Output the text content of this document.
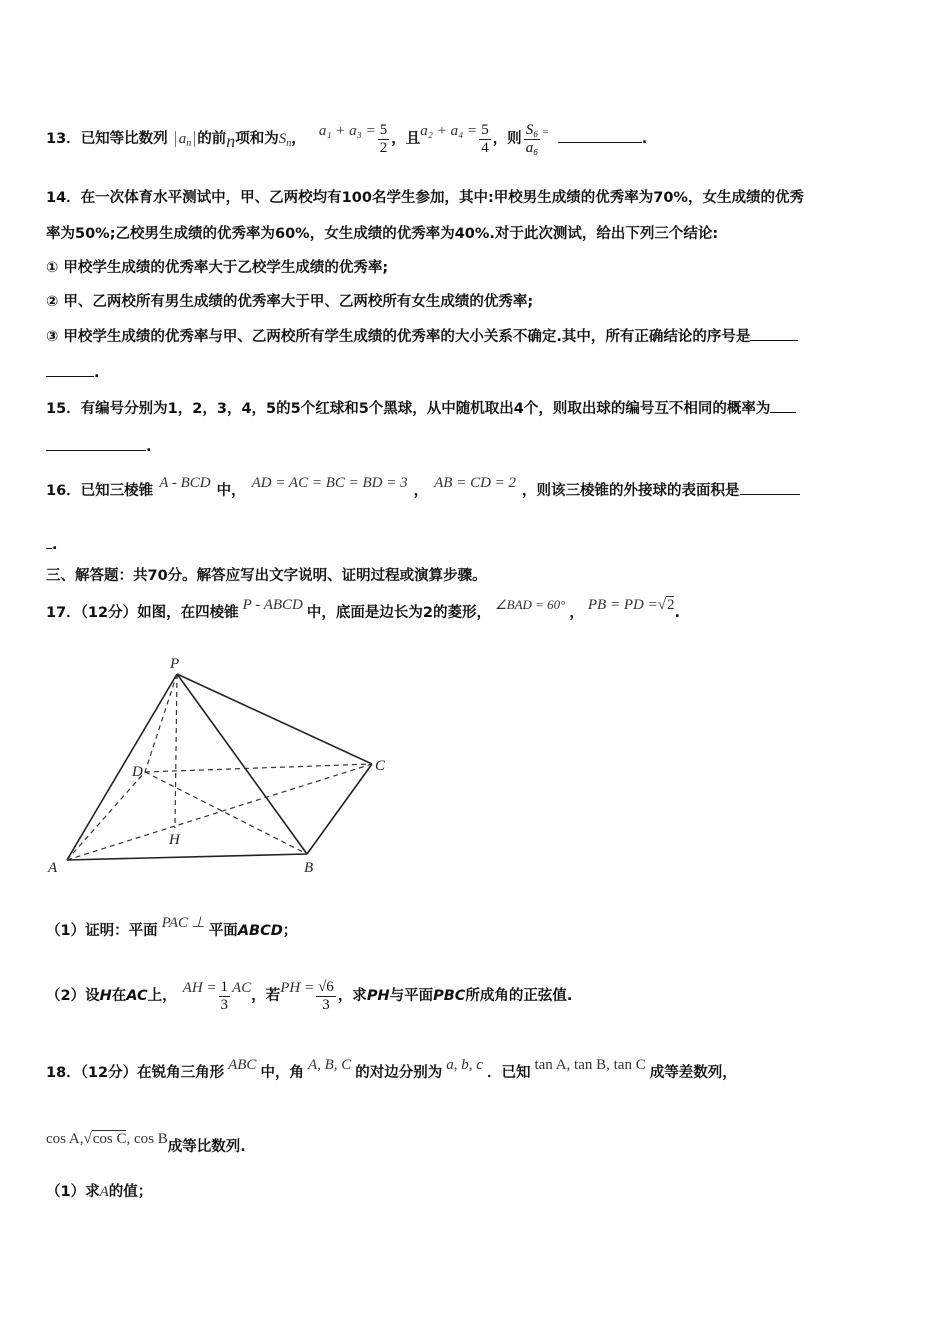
13．已知等比数列 $a_n$ 的前n项和为$S_n$， $a_1 + a_3 = \frac{5}{2}$ ，且$a_2 + a_4 = \frac{5}{4}$ ，则 $\frac{\text{S₆}}{\text{a₆}} ^=$	.
14．在一次体育水平测试中，甲、乙两校均有100名学生参加，其中:甲校男生成绩的优秀率为70%，女生成绩的优秀
率为50%;乙校男生成绩的优秀率为60%，女生成绩的优秀率为40%.对于此次测试，给出下列三个结论:
① 甲校学生成绩的优秀率大于乙校学生成绩的优秀率;
② 甲、乙两校所有男生成绩的优秀率大于甲、乙两校所有女生成绩的优秀率;
③ 甲校学生成绩的优秀率与甲、乙两校所有学生成绩的优秀率的大小关系不确定.其中，所有正确结论的序号是
.
15．有编号分别为1，2，3，4，5的5个红球和5个黑球，从中随机取出4个，则取出球的编号互不相同的概率为
.
16．已知三棱锥 A - BCD 中， AD = AC = BC = BD = 3 ， AB = CD = 2 ，则该三棱锥的外接球的表面积是
.
三、解答题：共70分。解答应写出文字说明、证明过程或演算步骤。
17．（12分）如图，在四棱锥 P - ABCD 中，底面是边长为2的菱形，∠BAD = 60°， PB = PD =√2.
P
D	C
H
A	B
（1）证明：平面 PAC ⊥ 平面ABCD；
（2）设H在AC上， AH = $\frac{1}{3}$ AC，若PH = $\frac{√6}{3}$ ，求PH与平面PBC所成角的正弦值.
18．（12分）在锐角三角形 ABC 中，角 A, B, C 的对边分别为 a, b, c ．已知 tan A, tan B, tan C 成等差数列，
cos A,√cos C, cos B成等比数列.
（1）求A的值；
